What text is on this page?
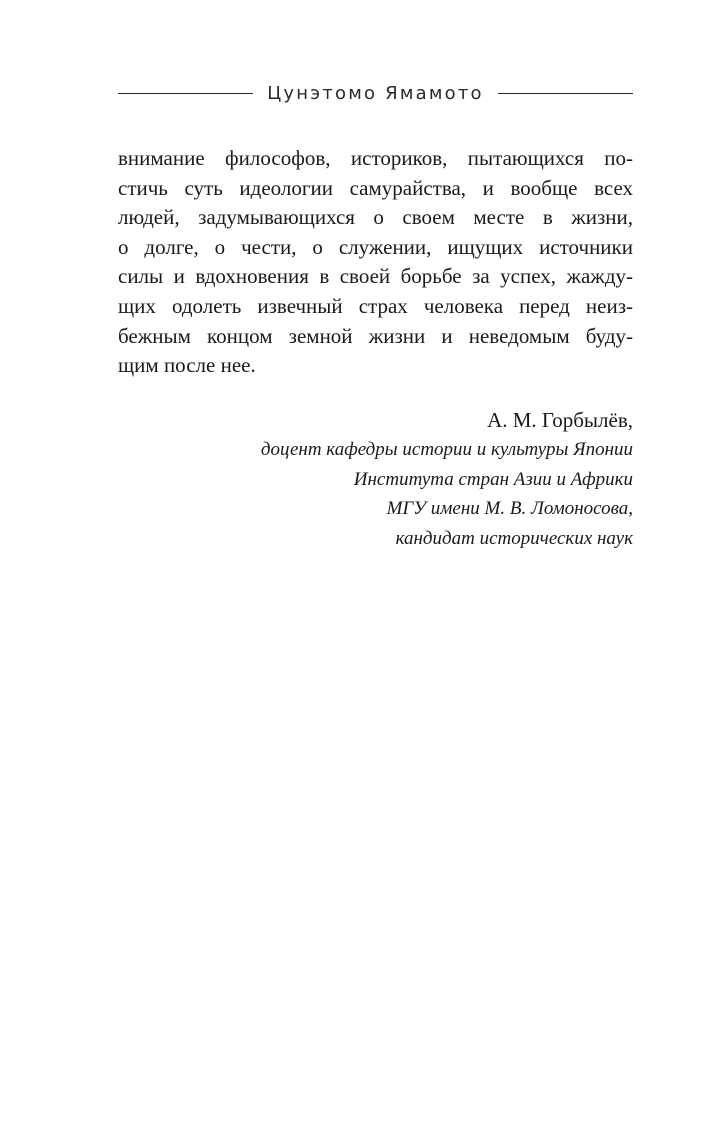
Цунэтомо Ямамото

внимание философов, историков, пытающихся по-
стичь суть идеологии самурайства, и вообще всех
людей, задумывающихся о своем месте в жизни,
о долге, о чести, о служении, ищущих источники
силы и вдохновения в своей борьбе за успех, жажду-
щих одолеть извечный страх человека перед неиз-
бежным концом земной жизни и неведомым буду-
щим после нее.

А. М. Горбылёв,
доцент кафедры истории и культуры Японии
Института стран Азии и Африки
МГУ имени М. В. Ломоносова,
кандидат исторических наук
